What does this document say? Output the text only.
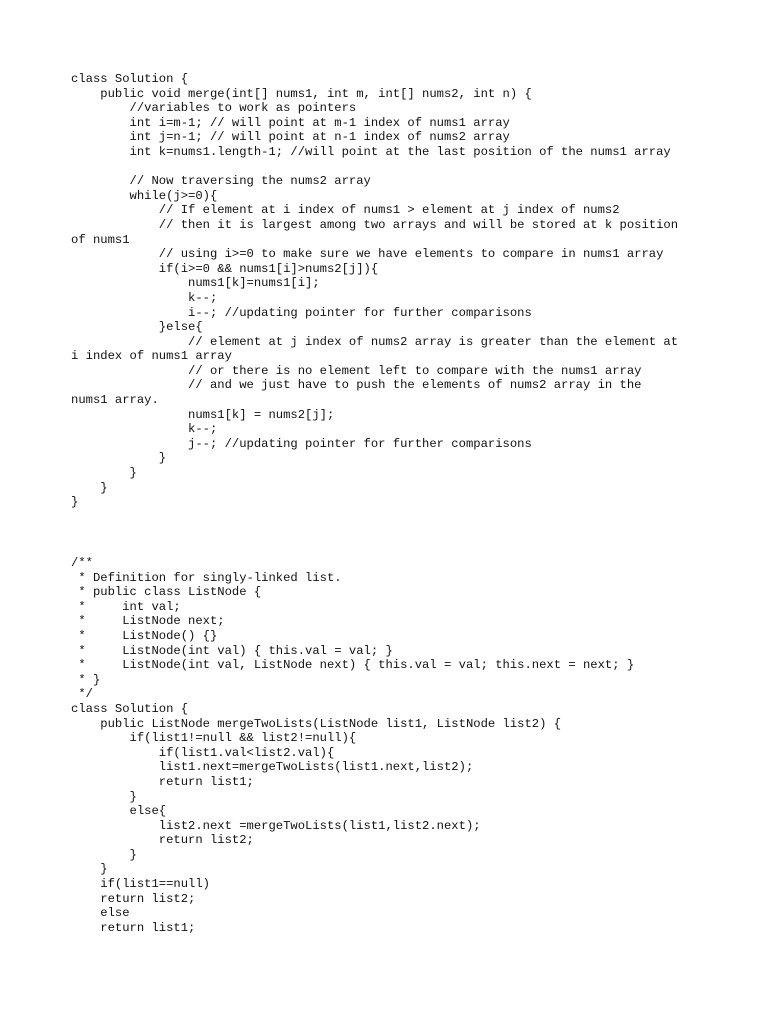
class Solution {
public void merge(int[] nums1, int m, int[] nums2, int n) {
//variables to work as pointers
int i=m-1; // will point at m-1 index of nums1 array
int j=n-1; // will point at n-1 index of nums2 array
int k=nums1.length-1; //will point at the last position of the nums1 array
// Now traversing the nums2 array
while(j>=0){
// If element at i index of nums1 > element at j index of nums2
// then it is largest among two arrays and will be stored at k position
of nums1
// using i>=0 to make sure we have elements to compare in nums1 array
if(i>=0 && nums1[i]>nums2[j]){
nums1[k]=nums1[i];
k--;
i--; //updating pointer for further comparisons
}else{
// element at j index of nums2 array is greater than the element at
i index of nums1 array
// or there is no element left to compare with the nums1 array
// and we just have to push the elements of nums2 array in the
nums1 array.
nums1[k] = nums2[j];
k--;
j--; //updating pointer for further comparisons
}
}
}
}
/**
* Definition for singly-linked list.
* public class ListNode {
*     int val;
*     ListNode next;
*     ListNode() {}
*     ListNode(int val) { this.val = val; }
*     ListNode(int val, ListNode next) { this.val = val; this.next = next; }
* }
*/
class Solution {
public ListNode mergeTwoLists(ListNode list1, ListNode list2) {
if(list1!=null && list2!=null){
if(list1.val<list2.val){
list1.next=mergeTwoLists(list1.next,list2);
return list1;
}
else{
list2.next =mergeTwoLists(list1,list2.next);
return list2;
}
}
if(list1==null)
return list2;
else
return list1;
